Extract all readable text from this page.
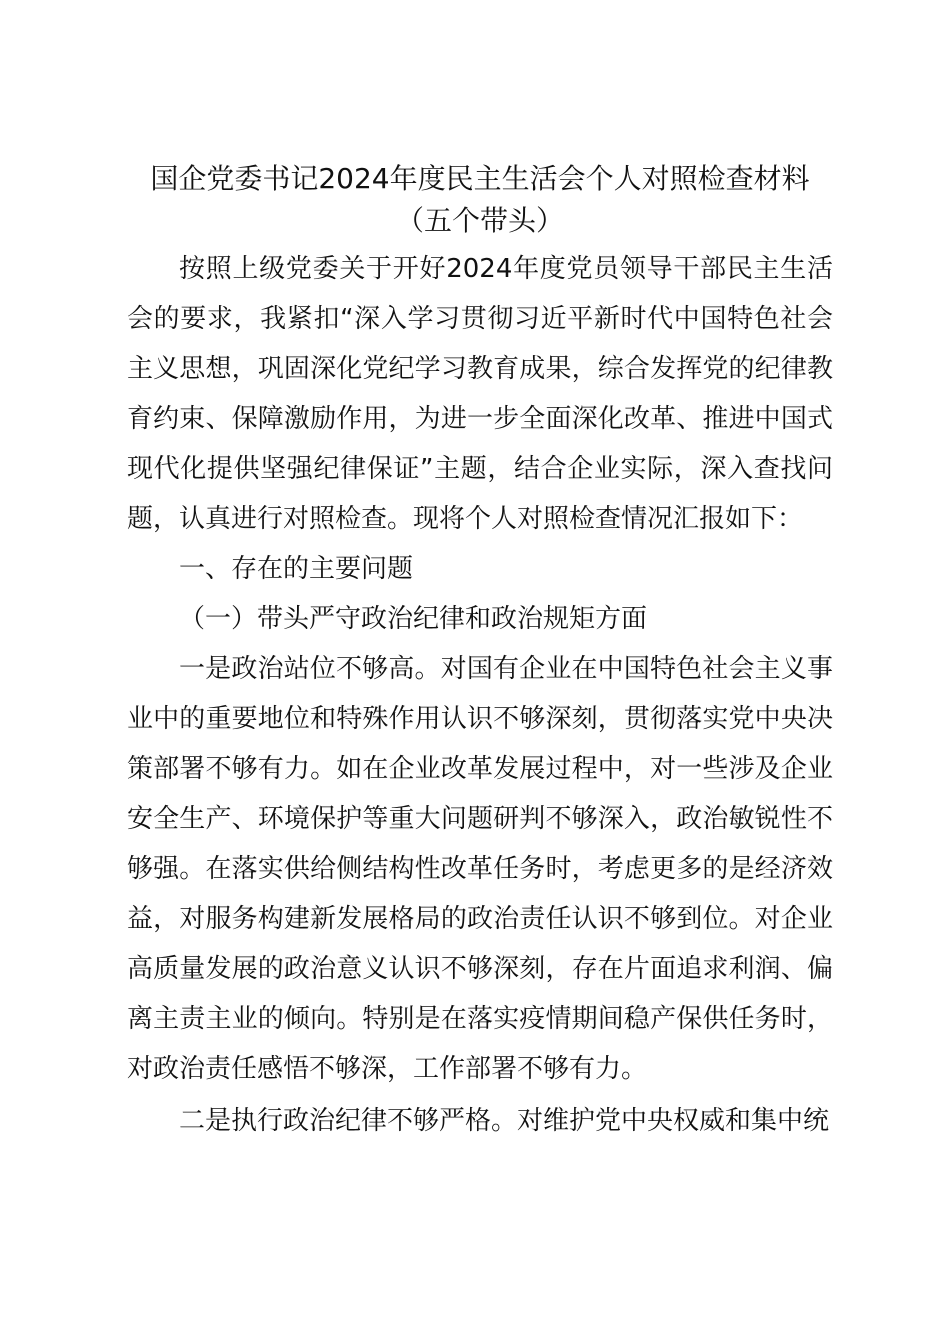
国企党委书记2024年度民主生活会个人对照检查材料
（五个带头）

按照上级党委关于开好2024年度党员领导干部民主生活会的要求，我紧扣“深入学习贯彻习近平新时代中国特色社会主义思想，巩固深化党纪学习教育成果，综合发挥党的纪律教育约束、保障激励作用，为进一步全面深化改革、推进中国式现代化提供坚强纪律保证”主题，结合企业实际，深入查找问题，认真进行对照检查。现将个人对照检查情况汇报如下：

一、存在的主要问题

（一）带头严守政治纪律和政治规矩方面

一是政治站位不够高。对国有企业在中国特色社会主义事业中的重要地位和特殊作用认识不够深刻，贯彻落实党中央决策部署不够有力。如在企业改革发展过程中，对一些涉及企业安全生产、环境保护等重大问题研判不够深入，政治敏锐性不够强。在落实供给侧结构性改革任务时，考虑更多的是经济效益，对服务构建新发展格局的政治责任认识不够到位。对企业高质量发展的政治意义认识不够深刻，存在片面追求利润、偏离主责主业的倾向。特别是在落实疫情期间稳产保供任务时，对政治责任感悟不够深，工作部署不够有力。

二是执行政治纪律不够严格。对维护党中央权威和集中统
